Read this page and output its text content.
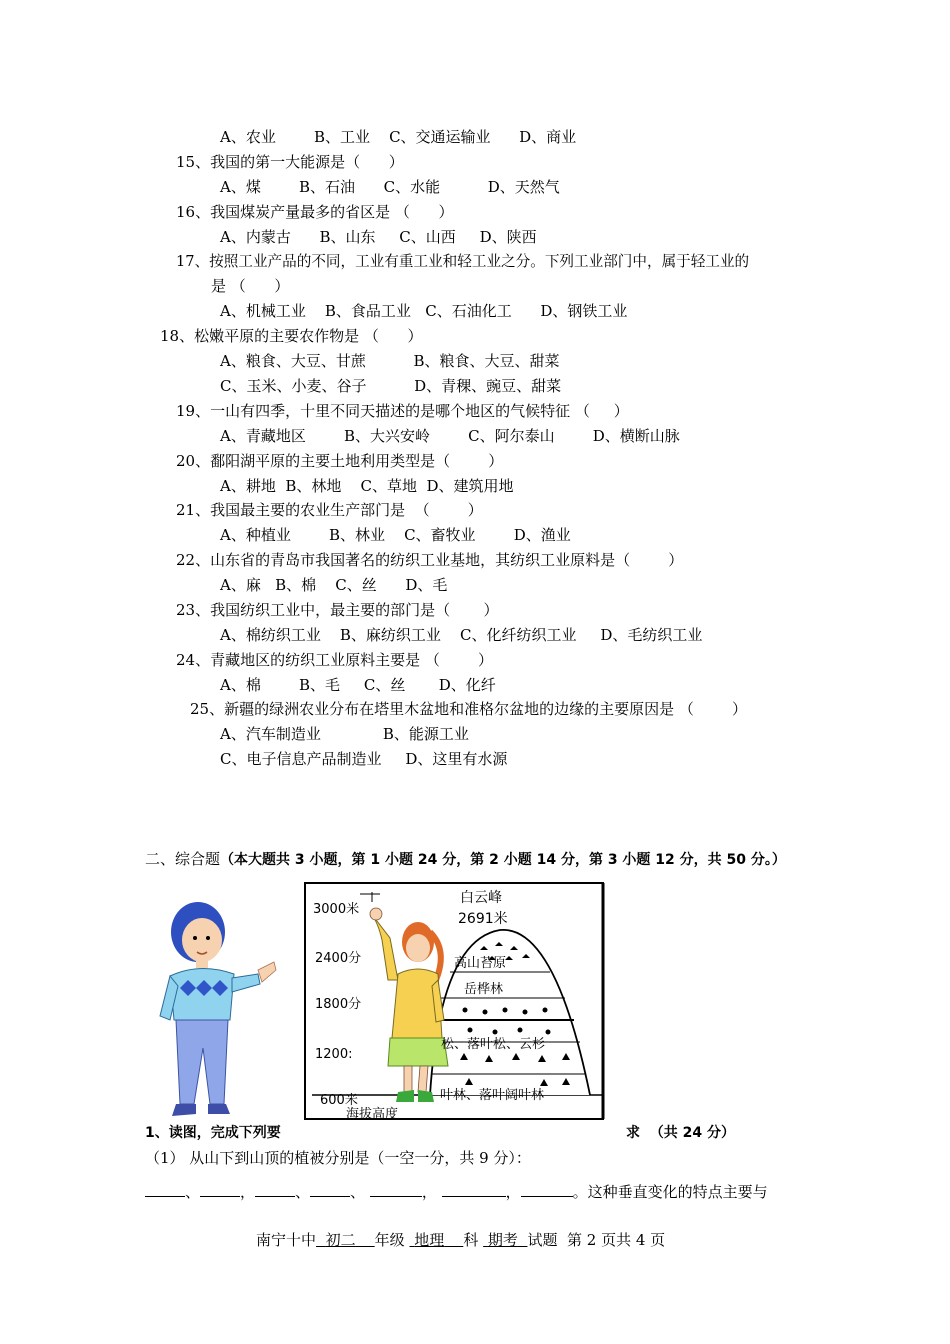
A、农业        B、工业    C、交通运输业      D、商业
15、我国的第一大能源是（      ）
A、煤        B、石油      C、水能          D、天然气
16、我国煤炭产量最多的省区是 （      ）
A、内蒙古      B、山东     C、山西     D、陕西
17、按照工业产品的不同，工业有重工业和轻工业之分。下列工业部门中，属于轻工业的
是 （      ）
A、机械工业    B、食品工业   C、石油化工      D、钢铁工业
18、松嫩平原的主要农作物是 （      ）
A、粮食、大豆、甘蔗          B、粮食、大豆、甜菜
C、玉米、小麦、谷子          D、青稞、豌豆、甜菜
19、一山有四季，十里不同天描述的是哪个地区的气候特征 （     ）
A、青藏地区        B、大兴安岭        C、阿尔泰山        D、横断山脉
20、鄱阳湖平原的主要土地利用类型是（        ）
A、耕地  B、林地    C、草地  D、建筑用地
21、我国最主要的农业生产部门是  （        ）
A、种植业        B、林业    C、畜牧业        D、渔业
22、山东省的青岛市我国著名的纺织工业基地，其纺织工业原料是（        ）
A、麻   B、棉    C、丝      D、毛
23、我国纺织工业中，最主要的部门是（       ）
A、棉纺织工业    B、麻纺织工业    C、化纤纺织工业     D、毛纺织工业
24、青藏地区的纺织工业原料主要是 （        ）
A、棉        B、毛     C、丝       D、化纤
25、新疆的绿洲农业分布在塔里木盆地和准格尔盆地的边缘的主要原因是 （        ）
A、汽车制造业             B、能源工业
C、电子信息产品制造业     D、这里有水源
二、综合题（本大题共 3 小题，第 1 小题 24 分，第 2 小题 14 分，第 3 小题 12 分，共 50 分。）
3000米
2400分
1800分
1200:
600米
海拔高度
白云峰
2691米
高山苔原
岳桦林
松、落叶松、云杉
叶林、落叶阔叶林
1、读图，完成下列要	求  （共 24 分）
（1） 从山下到山顶的植被分别是（一空一分，共 9 分）：
、	，	、	、	，	，	。这种垂直变化的特点主要与
南宁十中 初二 年级 地理 科 期考 试题  第 2 页共 4 页
